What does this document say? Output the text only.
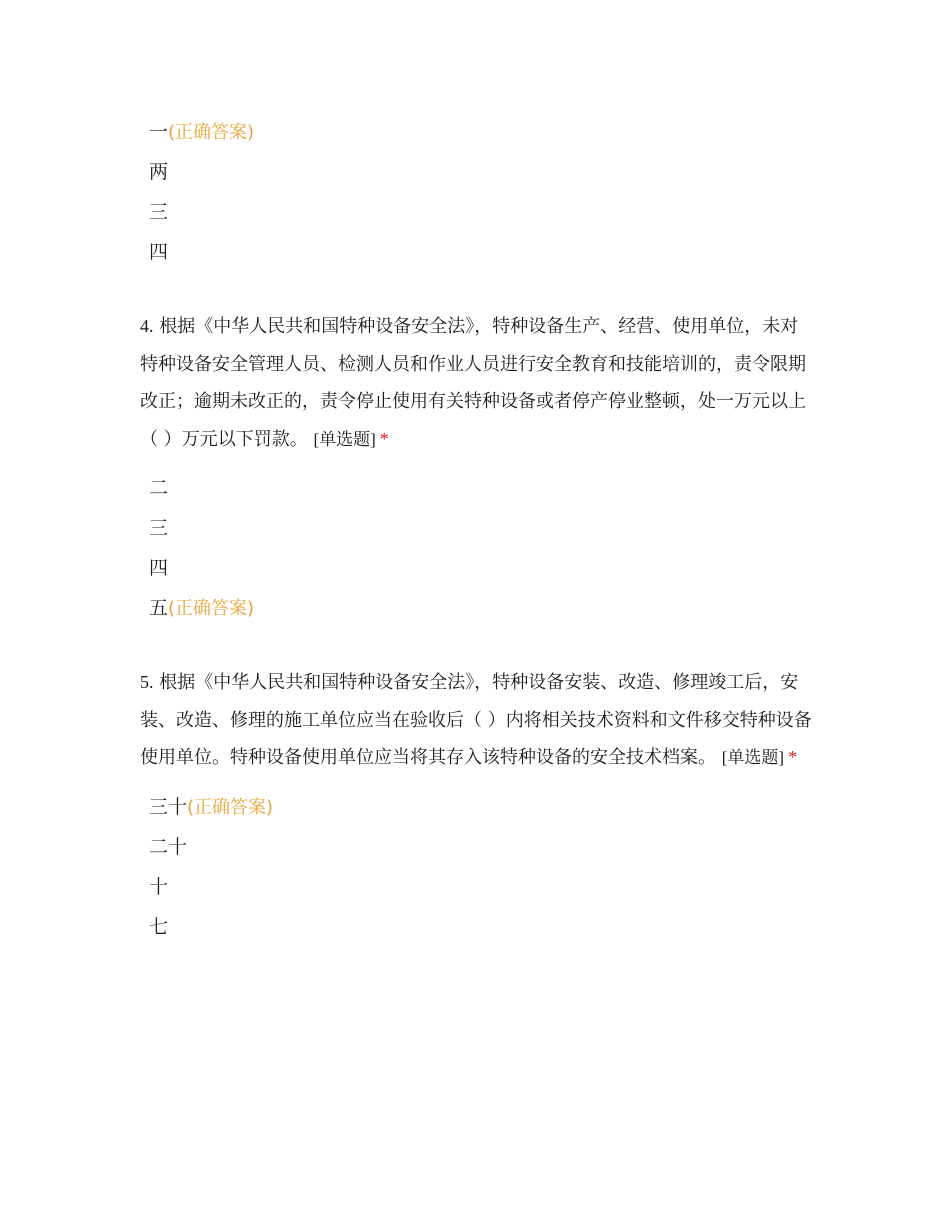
一(正确答案)
两
三
四
4. 根据《中华人民共和国特种设备安全法》，特种设备生产、经营、使用单位，未对特种设备安全管理人员、检测人员和作业人员进行安全教育和技能培训的，责令限期改正；逾期未改正的，责令停止使用有关特种设备或者停产停业整顿，处一万元以上（ ）万元以下罚款。 [单选题] *
二
三
四
五(正确答案)
5. 根据《中华人民共和国特种设备安全法》，特种设备安装、改造、修理竣工后，安装、改造、修理的施工单位应当在验收后（ ）内将相关技术资料和文件移交特种设备使用单位。特种设备使用单位应当将其存入该特种设备的安全技术档案。 [单选题] *
三十(正确答案)
二十
十
七
